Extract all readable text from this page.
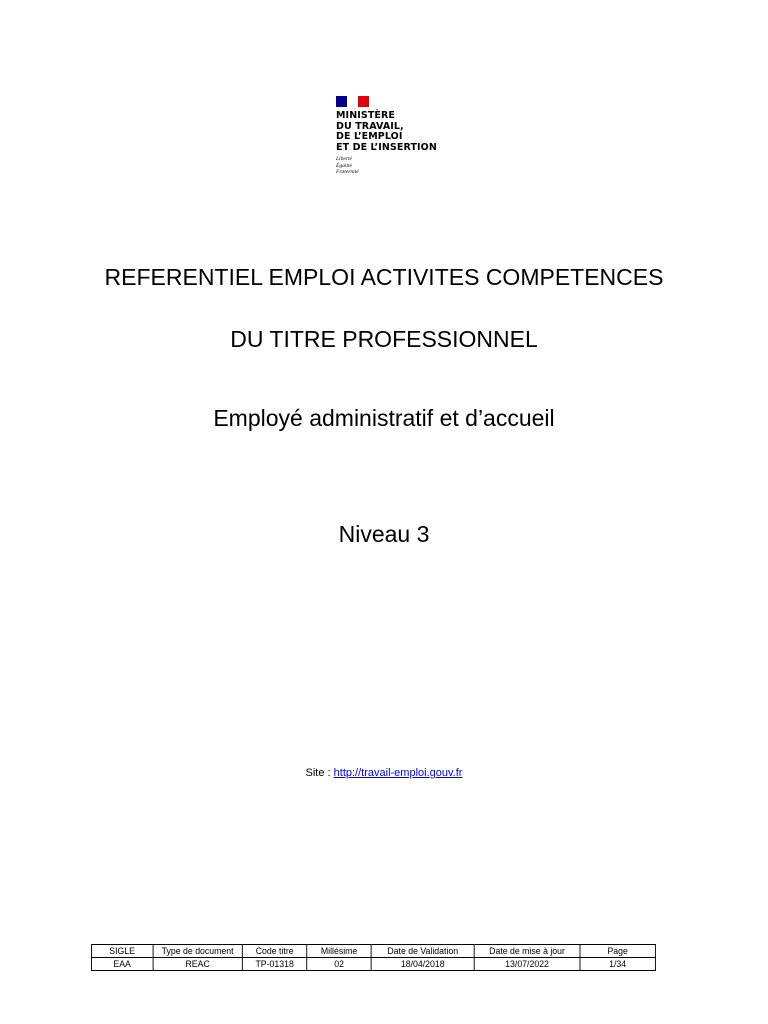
MINISTÈRE
DU TRAVAIL,
DE L’EMPLOI
ET DE L’INSERTION
Liberté
Égalité
Fraternité
REFERENTIEL EMPLOI ACTIVITES COMPETENCES
DU TITRE PROFESSIONNEL
Employé administratif et d’accueil
Niveau 3
Site : http://travail-emploi.gouv.fr
SIGLE	Type de document	Code titre	Millésime	Date de Validation	Date de mise à jour	Page
EAA	REAC	TP-01318	02	18/04/2018	13/07/2022	1/34
